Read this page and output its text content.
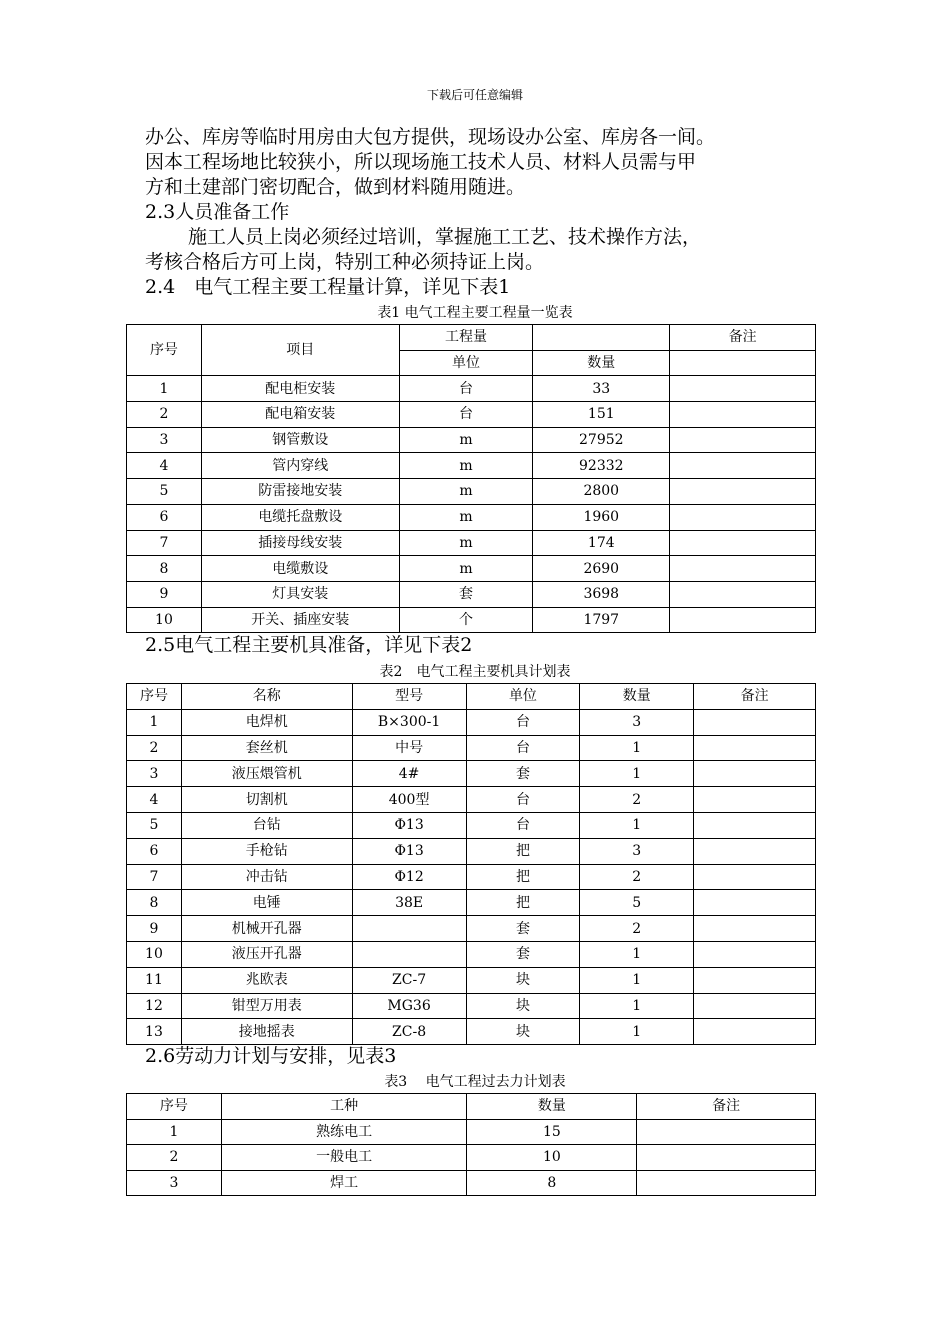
下载后可任意编辑
办公、库房等临时用房由大包方提供，现场设办公室、库房各一间。
因本工程场地比较狭小，所以现场施工技术人员、材料人员需与甲
方和土建部门密切配合，做到材料随用随进。
2.3人员准备工作
施工人员上岗必须经过培训，掌握施工工艺、技术操作方法，
考核合格后方可上岗，特别工种必须持证上岗。
2.4　电气工程主要工程量计算，详见下表1
表1 电气工程主要工程量一览表
序号	项目	工程量		备注
		单位	数量	
1	配电柜安装	台	33	
2	配电箱安装	台	151	
3	钢管敷设	m	27952	
4	管内穿线	m	92332	
5	防雷接地安装	m	2800	
6	电缆托盘敷设	m	1960	
7	插接母线安装	m	174	
8	电缆敷设	m	2690	
9	灯具安装	套	3698	
10	开关、插座安装	个	1797	
2.5电气工程主要机具准备，详见下表2
表2　电气工程主要机具计划表
序号	名称	型号	单位	数量	备注
1	电焊机	B×300-1	台	3	
2	套丝机	中号	台	1	
3	液压煨管机	4#	套	1	
4	切割机	400型	台	2	
5	台钻	Φ13	台	1	
6	手枪钻	Φ13	把	3	
7	冲击钻	Φ12	把	2	
8	电锤	38E	把	5	
9	机械开孔器		套	2	
10	液压开孔器		套	1	
11	兆欧表	ZC-7	块	1	
12	钳型万用表	MG36	块	1	
13	接地摇表	ZC-8	块	1	
2.6劳动力计划与安排，见表3
表3　 电气工程过去力计划表
序号	工种	数量	备注
1	熟练电工	15	
2	一般电工	10	
3	焊工	8	
